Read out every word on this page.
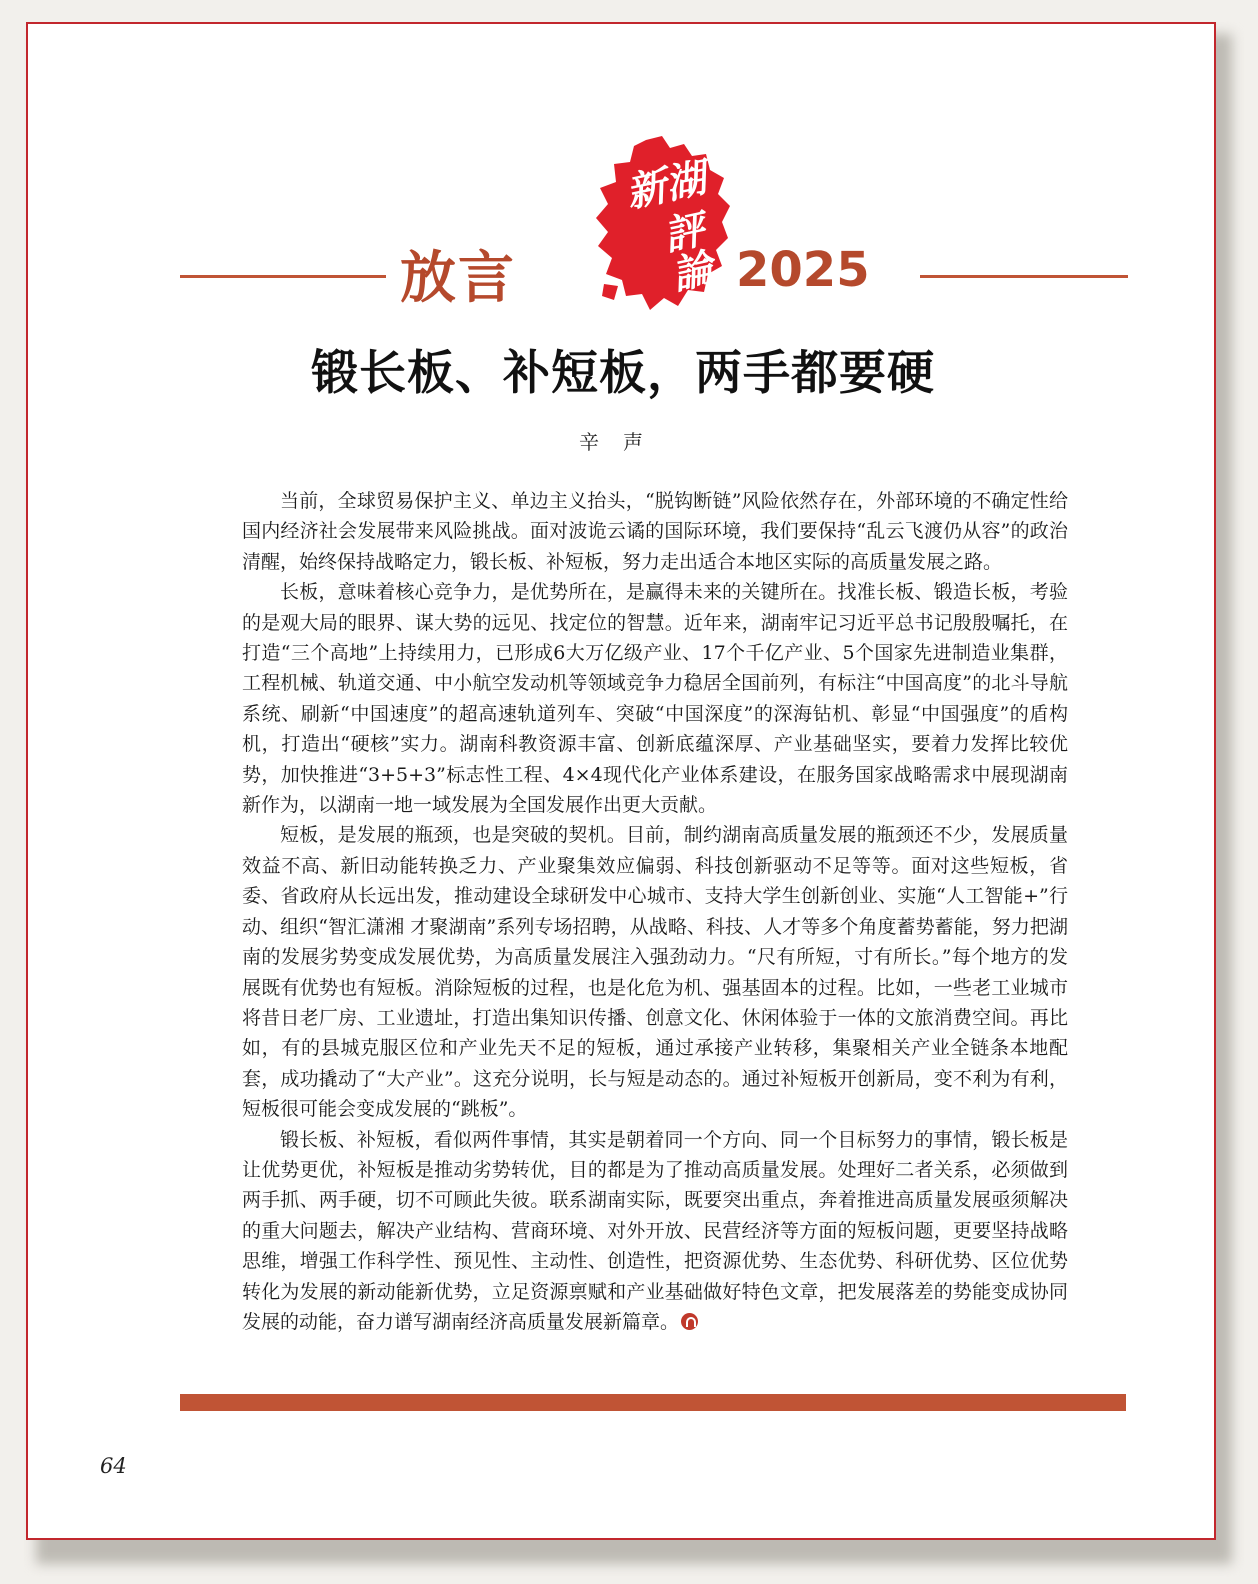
放言
新湖
評論 2025
锻长板、补短板，两手都要硬
辛声

当前，全球贸易保护主义、单边主义抬头，“脱钩断链”风险依然存在，外部环境的不确定性给国内经济社会发展带来风险挑战。面对波诡云谲的国际环境，我们要保持“乱云飞渡仍从容”的政治清醒，始终保持战略定力，锻长板、补短板，努力走出适合本地区实际的高质量发展之路。

长板，意味着核心竞争力，是优势所在，是赢得未来的关键所在。找准长板、锻造长板，考验的是观大局的眼界、谋大势的远见、找定位的智慧。近年来，湖南牢记习近平总书记殷殷嘱托，在打造“三个高地”上持续用力，已形成6大万亿级产业、17个千亿产业、5个国家先进制造业集群，工程机械、轨道交通、中小航空发动机等领域竞争力稳居全国前列，有标注“中国高度”的北斗导航系统、刷新“中国速度”的超高速轨道列车、突破“中国深度”的深海钻机、彰显“中国强度”的盾构机，打造出“硬核”实力。湖南科教资源丰富、创新底蕴深厚、产业基础坚实，要着力发挥比较优势，加快推进“3+5+3”标志性工程、4×4现代化产业体系建设，在服务国家战略需求中展现湖南新作为，以湖南一地一域发展为全国发展作出更大贡献。

短板，是发展的瓶颈，也是突破的契机。目前，制约湖南高质量发展的瓶颈还不少，发展质量效益不高、新旧动能转换乏力、产业聚集效应偏弱、科技创新驱动不足等等。面对这些短板，省委、省政府从长远出发，推动建设全球研发中心城市、支持大学生创新创业、实施“人工智能+”行动、组织“智汇潇湘 才聚湖南”系列专场招聘，从战略、科技、人才等多个角度蓄势蓄能，努力把湖南的发展劣势变成发展优势，为高质量发展注入强劲动力。“尺有所短，寸有所长。”每个地方的发展既有优势也有短板。消除短板的过程，也是化危为机、强基固本的过程。比如，一些老工业城市将昔日老厂房、工业遗址，打造出集知识传播、创意文化、休闲体验于一体的文旅消费空间。再比如，有的县城克服区位和产业先天不足的短板，通过承接产业转移，集聚相关产业全链条本地配套，成功撬动了“大产业”。这充分说明，长与短是动态的。通过补短板开创新局，变不利为有利，短板很可能会变成发展的“跳板”。

锻长板、补短板，看似两件事情，其实是朝着同一个方向、同一个目标努力的事情，锻长板是让优势更优，补短板是推动劣势转优，目的都是为了推动高质量发展。处理好二者关系，必须做到两手抓、两手硬，切不可顾此失彼。联系湖南实际，既要突出重点，奔着推进高质量发展亟须解决的重大问题去，解决产业结构、营商环境、对外开放、民营经济等方面的短板问题，更要坚持战略思维，增强工作科学性、预见性、主动性、创造性，把资源优势、生态优势、科研优势、区位优势转化为发展的新动能新优势，立足资源禀赋和产业基础做好特色文章，把发展落差的势能变成协同发展的动能，奋力谱写湖南经济高质量发展新篇章。

64
